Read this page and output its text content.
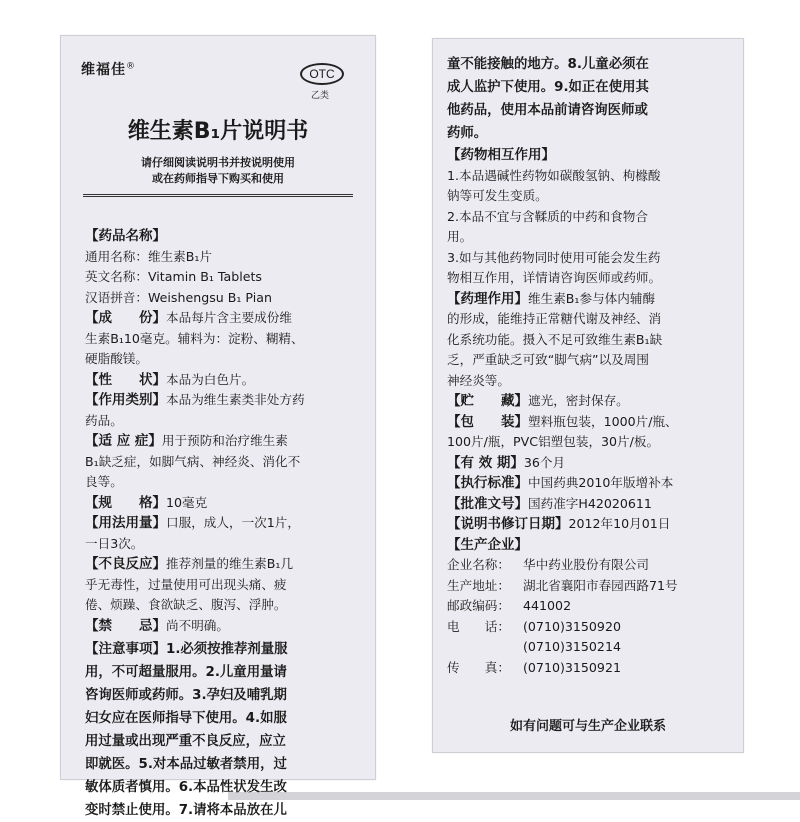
维福佳®
OTC
乙类
维生素B₁片说明书
请仔细阅读说明书并按说明使用
或在药师指导下购买和使用
【药品名称】
通用名称：维生素B₁片
英文名称：Vitamin B₁ Tablets
汉语拼音：Weishengsu B₁ Pian
【成　　份】本品每片含主要成份维
生素B₁10毫克。辅料为：淀粉、糊精、
硬脂酸镁。
【性　　状】本品为白色片。
【作用类别】本品为维生素类非处方药
药品。
【适 应 症】用于预防和治疗维生素
B₁缺乏症，如脚气病、神经炎、消化不
良等。
【规　　格】10毫克
【用法用量】口服，成人，一次1片，
一日3次。
【不良反应】推荐剂量的维生素B₁几
乎无毒性，过量使用可出现头痛、疲
倦、烦躁、食欲缺乏、腹泻、浮肿。
【禁　　忌】尚不明确。
【注意事项】1.必须按推荐剂量服
用，不可超量服用。2.儿童用量请
咨询医师或药师。3.孕妇及哺乳期
妇女应在医师指导下使用。4.如服
用过量或出现严重不良反应，应立
即就医。5.对本品过敏者禁用，过
敏体质者慎用。6.本品性状发生改
变时禁止使用。7.请将本品放在儿
童不能接触的地方。8.儿童必须在
成人监护下使用。9.如正在使用其
他药品，使用本品前请咨询医师或
药师。
【药物相互作用】
1.本品遇碱性药物如碳酸氢钠、枸橼酸
钠等可发生变质。
2.本品不宜与含鞣质的中药和食物合
用。
3.如与其他药物同时使用可能会发生药
物相互作用，详情请咨询医师或药师。
【药理作用】维生素B₁参与体内辅酶
的形成，能维持正常糖代谢及神经、消
化系统功能。摄入不足可致维生素B₁缺
乏，严重缺乏可致“脚气病”以及周围
神经炎等。
【贮　　藏】遮光，密封保存。
【包　　装】塑料瓶包装，1000片/瓶、
100片/瓶，PVC铝塑包装，30片/板。
【有 效 期】36个月
【执行标准】中国药典2010年版增补本
【批准文号】国药准字H42020611
【说明书修订日期】2012年10月01日
【生产企业】
企业名称： 华中药业股份有限公司
生产地址： 湖北省襄阳市春园西路71号
邮政编码： 441002
电　　话： (0710)3150920
(0710)3150214
传　　真： (0710)3150921
如有问题可与生产企业联系
